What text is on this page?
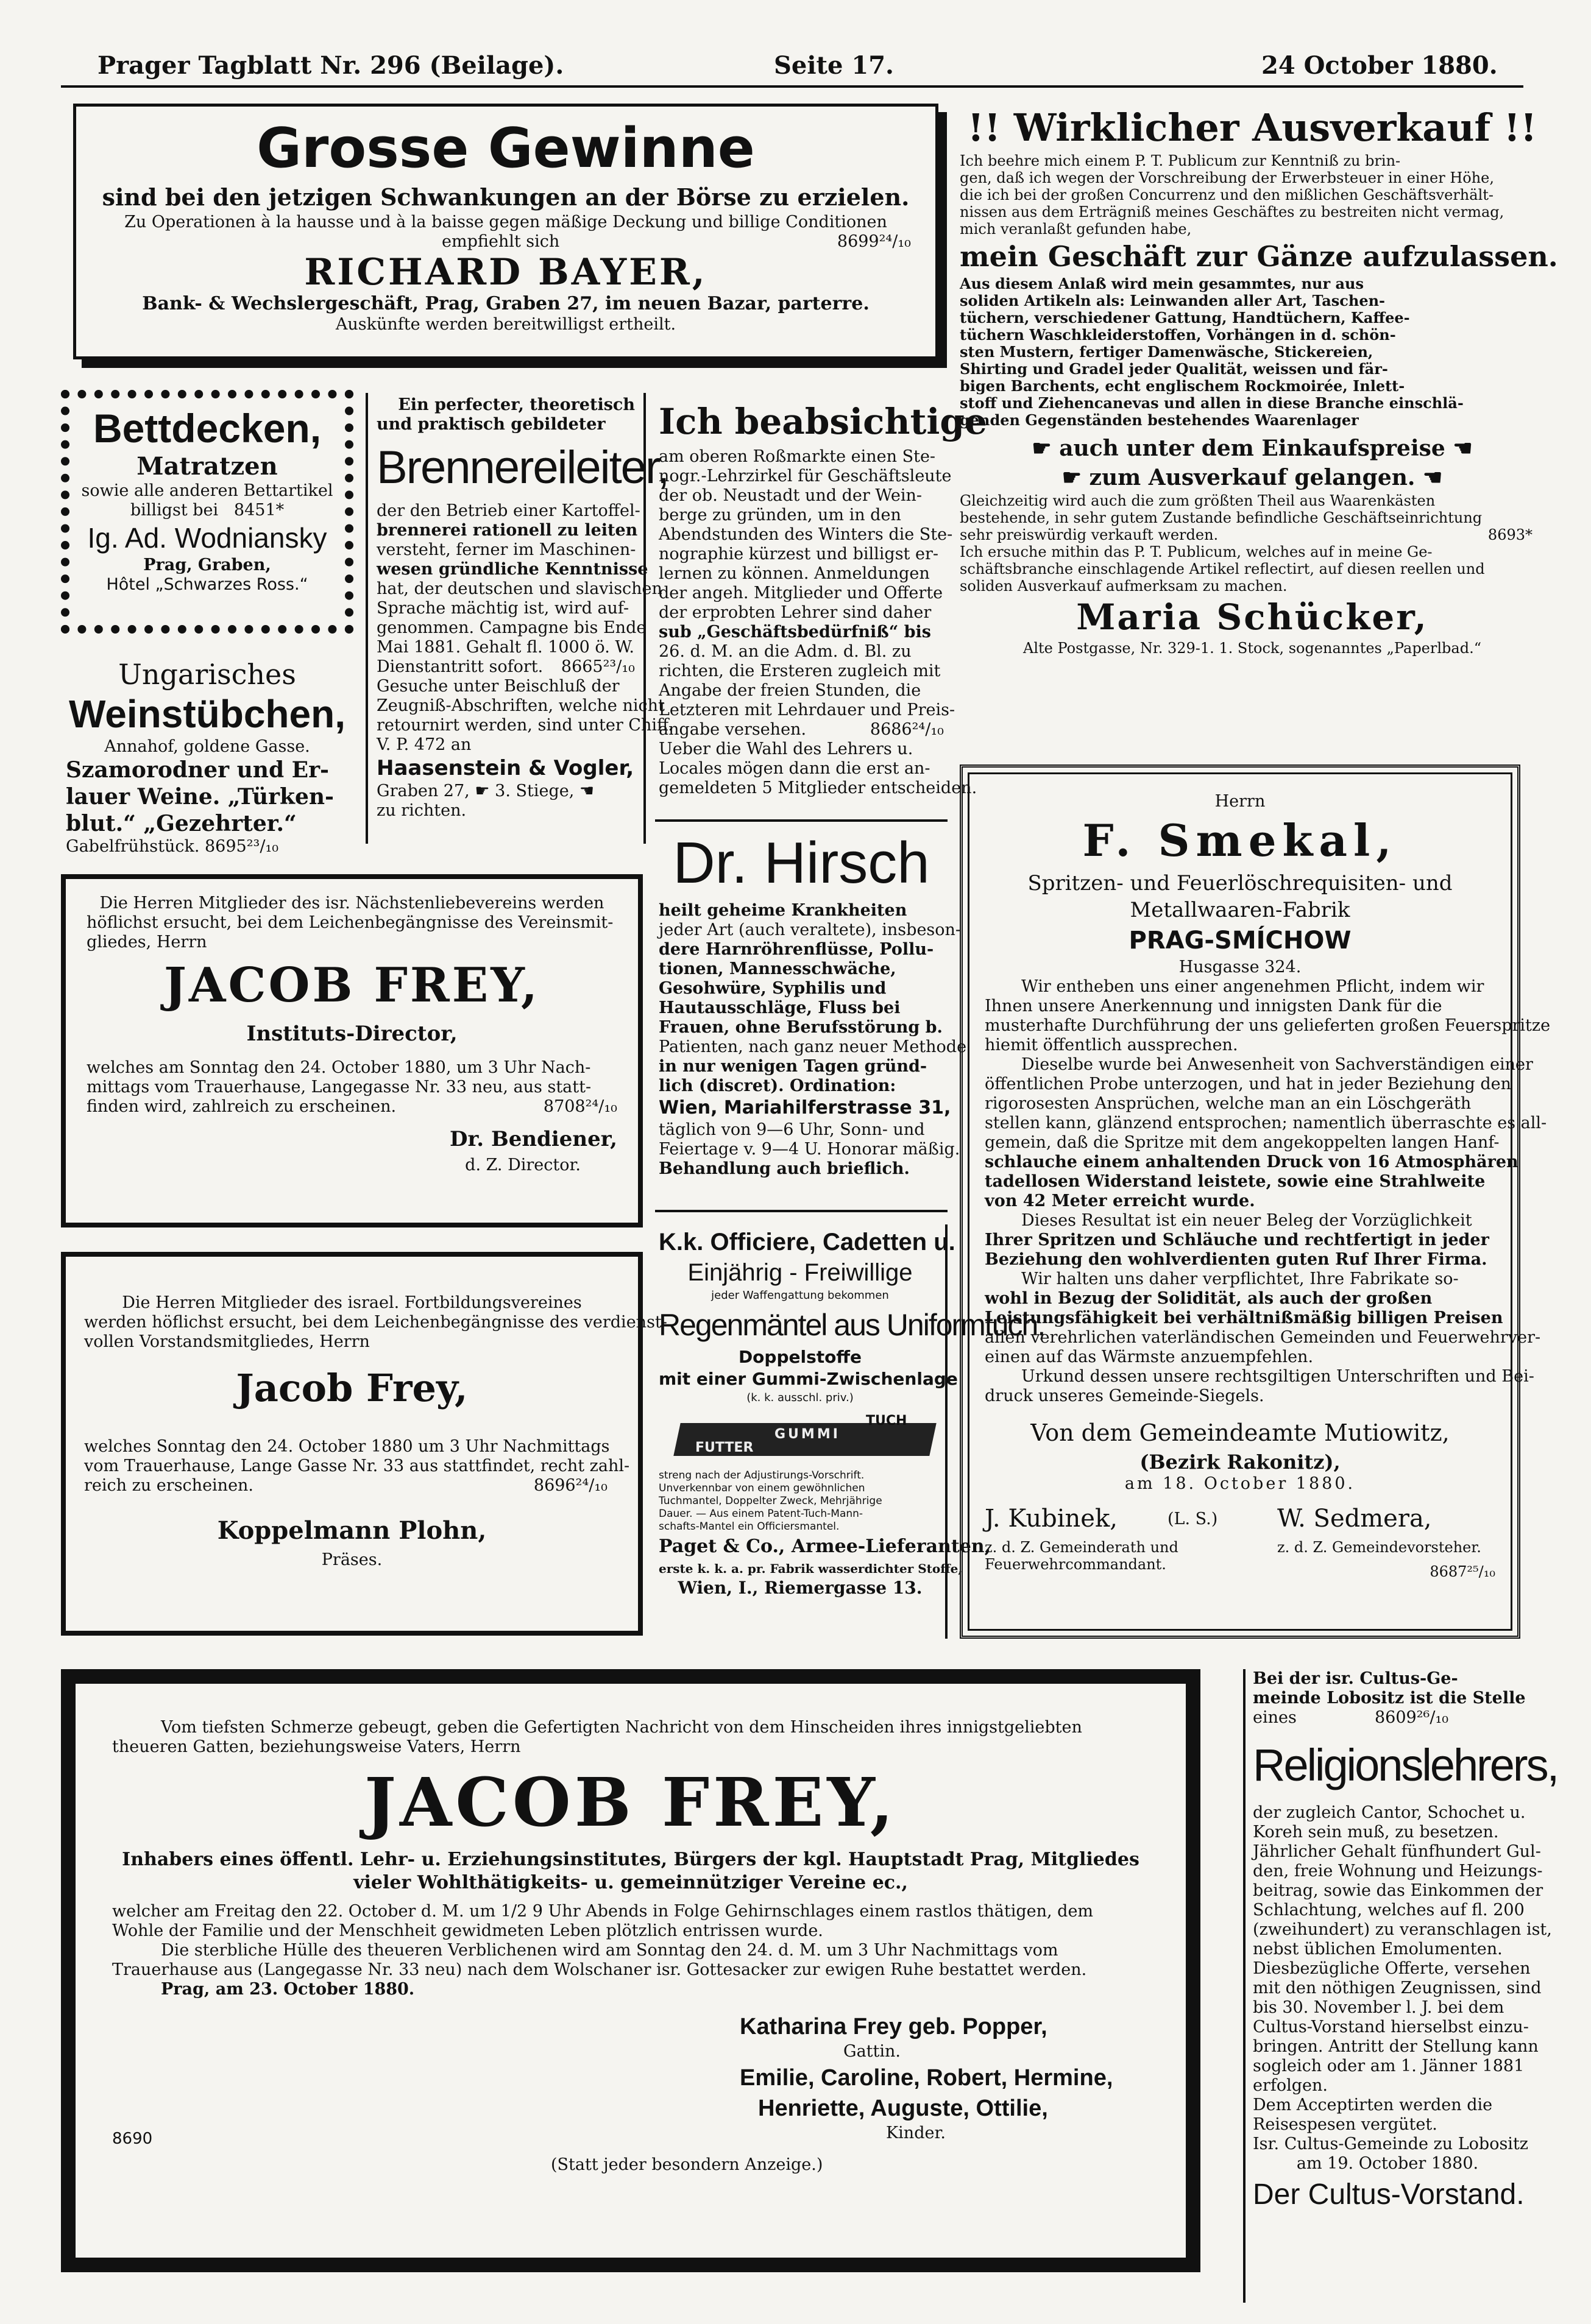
Prager Tagblatt Nr. 296 (Beilage).	Seite 17.	24 October 1880.
Grosse Gewinne
sind bei den jetzigen Schwankungen an der Börse zu erzielen.
Zu Operationen à la hausse und à la baisse gegen mäßige Deckung und billige Conditionen
empfiehlt sich	8699²⁴/₁₀

RICHARD BAYER,
Bank- & Wechslergeschäft, Prag, Graben 27, im neuen Bazar, parterre.
Auskünfte werden bereitwilligst ertheilt.
!! Wirklicher Ausverkauf !!
Ich beehre mich einem P. T. Publicum zur Kenntniß zu brin-
gen, daß ich wegen der Vorschreibung der Erwerbsteuer in einer Höhe,
die ich bei der großen Concurrenz und den mißlichen Geschäftsverhält-
nissen aus dem Erträgniß meines Geschäftes zu bestreiten nicht vermag,
mich veranlaßt gefunden habe,
mein Geschäft zur Gänze aufzulassen.
Aus diesem Anlaß wird mein gesammtes, nur aus
soliden Artikeln als: Leinwanden aller Art, Taschen-
tüchern, verschiedener Gattung, Handtüchern, Kaffee-
tüchern Waschkleiderstoffen, Vorhängen in d. schön-
sten Mustern, fertiger Damenwäsche, Stickereien,
Shirting und Gradel jeder Qualität, weissen und fär-
bigen Barchents, echt englischem Rockmoirée, Inlett-
stoff und Ziehencanevas und allen in diese Branche einschlä-
genden Gegenständen bestehendes Waarenlager
☛ auch unter dem Einkaufspreise ☚
☛ zum Ausverkauf gelangen. ☚
Gleichzeitig wird auch die zum größten Theil aus Waarenkästen
bestehende, in sehr gutem Zustande befindliche Geschäftseinrichtung
sehr preiswürdig verkauft werden.	8693*
Ich ersuche mithin das P. T. Publicum, welches auf in meine Ge-
schäftsbranche einschlagende Artikel reflectirt, auf diesen reellen und
soliden Ausverkauf aufmerksam zu machen.
Maria Schücker,
Alte Postgasse, Nr. 329-1. 1. Stock, sogenanntes „Paperlbad.“
Bettdecken,
Matratzen
sowie alle anderen Bettartikel
billigst bei 8451*
Ig. Ad. Wodniansky
Prag, Graben,
Hôtel „Schwarzes Ross.“
Ungarisches
Weinstübchen,
Annahof, goldene Gasse.
Szamorodner und Er-
lauer Weine. „Türken-
blut.“ „Gezehrter.“
Gabelfrühstück. 8695²³/₁₀
Ein perfecter, theoretisch
und praktisch gebildeter
Brennereileiter,
der den Betrieb einer Kartoffel-
brennerei rationell zu leiten
versteht, ferner im Maschinen-
wesen gründliche Kenntnisse
hat, der deutschen und slavischen
Sprache mächtig ist, wird auf-
genommen. Campagne bis Ende
Mai 1881. Gehalt fl. 1000 ö. W.
Dienstantritt sofort. 8665²³/₁₀
Gesuche unter Beischluß der
Zeugniß-Abschriften, welche nicht
retournirt werden, sind unter Chiff.
V. P. 472 an
Haasenstein & Vogler,
Graben 27, ☛ 3. Stiege, ☚
zu richten.
Ich beabsichtige
am oberen Roßmarkte einen Ste-
nogr.-Lehrzirkel für Geschäftsleute
der ob. Neustadt und der Wein-
berge zu gründen, um in den
Abendstunden des Winters die Ste-
nographie kürzest und billigst er-
lernen zu können. Anmeldungen
der angeh. Mitglieder und Offerte
der erprobten Lehrer sind daher
sub „Geschäftsbedürfniß“ bis
26. d. M. an die Adm. d. Bl. zu
richten, die Ersteren zugleich mit
Angabe der freien Stunden, die
Letzteren mit Lehrdauer und Preis-
angabe versehen.	8686²⁴/₁₀
Ueber die Wahl des Lehrers u.
Locales mögen dann die erst an-
gemeldeten 5 Mitglieder entscheiden.
Dr. Hirsch
heilt geheime Krankheiten
jeder Art (auch veraltete), insbeson-
dere Harnröhrenflüsse, Pollu-
tionen, Mannesschwäche,
Gesohwüre, Syphilis und
Hautausschläge, Fluss bei
Frauen, ohne Berufsstörung b.
Patienten, nach ganz neuer Methode
in nur wenigen Tagen gründ-
lich (discret). Ordination:
Wien, Mariahilferstrasse 31,
täglich von 9—6 Uhr, Sonn- und
Feiertage v. 9—4 U. Honorar mäßig.
Behandlung auch brieflich.
K.k. Officiere, Cadetten u.
Einjährig - Freiwillige
jeder Waffengattung bekommen
Regenmäntel aus Uniformtuch,
Doppelstoffe
mit einer Gummi-Zwischenlage
(k. k. ausschl. priv.)
TUCH
GUMMI
FUTTER
streng nach der Adjustirungs-Vorschrift.
Unverkennbar von einem gewöhnlichen
Tuchmantel, Doppelter Zweck, Mehrjährige
Dauer. — Aus einem Patent-Tuch-Mann-
schafts-Mantel ein Officiersmantel.
Paget & Co., Armee-Lieferanten,
erste k. k. a. pr. Fabrik wasserdichter Stoffe,
Wien, I., Riemergasse 13.
Die Herren Mitglieder des isr. Nächstenliebevereins werden
höflichst ersucht, bei dem Leichenbegängnisse des Vereinsmit-
gliedes, Herrn
JACOB FREY,
Instituts-Director,
welches am Sonntag den 24. October 1880, um 3 Uhr Nach-
mittags vom Trauerhause, Langegasse Nr. 33 neu, aus statt-
finden wird, zahlreich zu erscheinen.	8708²⁴/₁₀
Dr. Bendiener,
d. Z. Director.
Die Herren Mitglieder des israel. Fortbildungsvereines
werden höflichst ersucht, bei dem Leichenbegängnisse des verdienst-
vollen Vorstandsmitgliedes, Herrn
Jacob Frey,
welches Sonntag den 24. October 1880 um 3 Uhr Nachmittags
vom Trauerhause, Lange Gasse Nr. 33 aus stattfindet, recht zahl-
reich zu erscheinen.	8696²⁴/₁₀
Koppelmann Plohn,
Präses.
Herrn
F. Smekal,
Spritzen- und Feuerlöschrequisiten- und
Metallwaaren-Fabrik
PRAG-SMÍCHOW
Husgasse 324.
Wir entheben uns einer angenehmen Pflicht, indem wir
Ihnen unsere Anerkennung und innigsten Dank für die
musterhafte Durchführung der uns gelieferten großen Feuerspritze
hiemit öffentlich aussprechen.
Dieselbe wurde bei Anwesenheit von Sachverständigen einer
öffentlichen Probe unterzogen, und hat in jeder Beziehung den
rigorosesten Ansprüchen, welche man an ein Löschgeräth
stellen kann, glänzend entsprochen; namentlich überraschte es all-
gemein, daß die Spritze mit dem angekoppelten langen Hanf-
schlauche einem anhaltenden Druck von 16 Atmosphären
tadellosen Widerstand leistete, sowie eine Strahlweite
von 42 Meter erreicht wurde.
Dieses Resultat ist ein neuer Beleg der Vorzüglichkeit
Ihrer Spritzen und Schläuche und rechtfertigt in jeder
Beziehung den wohlverdienten guten Ruf Ihrer Firma.
Wir halten uns daher verpflichtet, Ihre Fabrikate so-
wohl in Bezug der Solidität, als auch der großen
Leistungsfähigkeit bei verhältnißmäßig billigen Preisen
allen verehrlichen vaterländischen Gemeinden und Feuerwehrver-
einen auf das Wärmste anzuempfehlen.
Urkund dessen unsere rechtsgiltigen Unterschriften und Bei-
druck unseres Gemeinde-Siegels.
Von dem Gemeindeamte Mutiowitz,
(Bezirk Rakonitz),
am 18. October 1880.
J. Kubinek,	(L. S.) W. Sedmera,
z. d. Z. Gemeinderath und
Feuerwehrcommandant.
z. d. Z. Gemeindevorsteher.
8687²⁵/₁₀
Vom tiefsten Schmerze gebeugt, geben die Gefertigten Nachricht von dem Hinscheiden ihres innigstgeliebten
theueren Gatten, beziehungsweise Vaters, Herrn
JACOB FREY,
Inhabers eines öffentl. Lehr- u. Erziehungsinstitutes, Bürgers der kgl. Hauptstadt Prag, Mitgliedes
vieler Wohlthätigkeits- u. gemeinnütziger Vereine ec.,
welcher am Freitag den 22. October d. M. um 1/2 9 Uhr Abends in Folge Gehirnschlages einem rastlos thätigen, dem
Wohle der Familie und der Menschheit gewidmeten Leben plötzlich entrissen wurde.
Die sterbliche Hülle des theueren Verblichenen wird am Sonntag den 24. d. M. um 3 Uhr Nachmittags vom
Trauerhause aus (Langegasse Nr. 33 neu) nach dem Wolschaner isr. Gottesacker zur ewigen Ruhe bestattet werden.
Prag, am 23. October 1880.
Katharina Frey geb. Popper,
Gattin.
Emilie, Caroline, Robert, Hermine,
Henriette, Auguste, Ottilie,
Kinder.
8690
(Statt jeder besondern Anzeige.)
Bei der isr. Cultus-Ge-
meinde Lobositz ist die Stelle
eines	8609²⁶/₁₀
Religionslehrers,
der zugleich Cantor, Schochet u.
Koreh sein muß, zu besetzen.
Jährlicher Gehalt fünfhundert Gul-
den, freie Wohnung und Heizungs-
beitrag, sowie das Einkommen der
Schlachtung, welches auf fl. 200
(zweihundert) zu veranschlagen ist,
nebst üblichen Emolumenten.
Diesbezügliche Offerte, versehen
mit den nöthigen Zeugnissen, sind
bis 30. November l. J. bei dem
Cultus-Vorstand hierselbst einzu-
bringen. Antritt der Stellung kann
sogleich oder am 1. Jänner 1881
erfolgen.
Dem Acceptirten werden die
Reisespesen vergütet.
Isr. Cultus-Gemeinde zu Lobositz
am 19. October 1880.
Der Cultus-Vorstand.
